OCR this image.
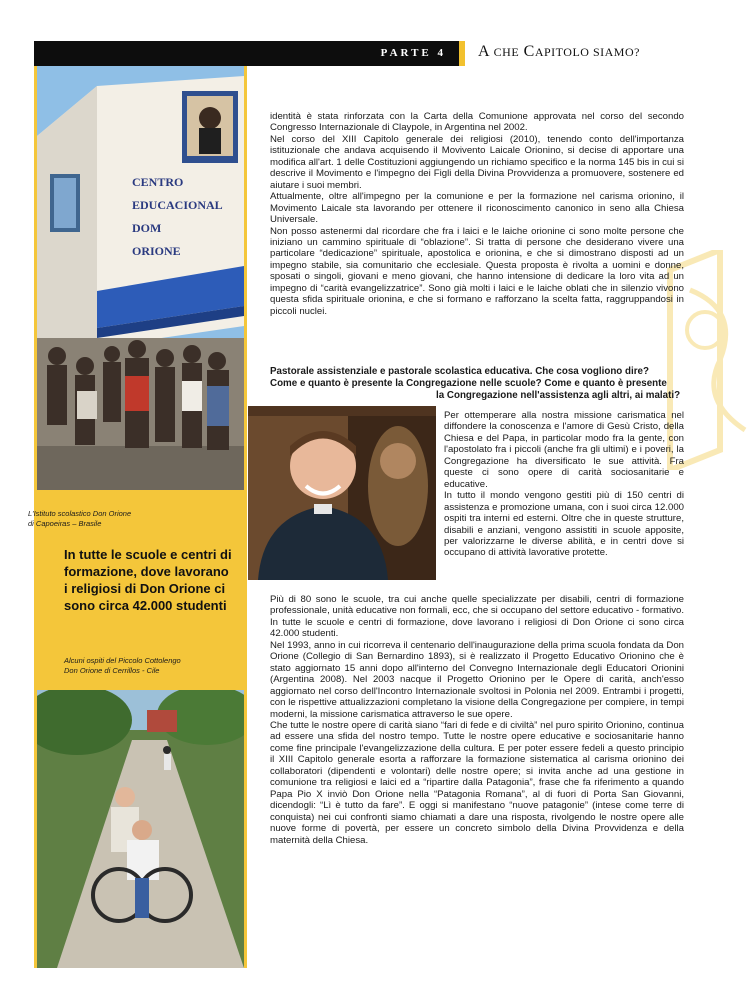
PARTE 4 A CHE CAPITOLO SIAMO?
CENTRO
EDUCACIONAL
DOM
ORIONE
L'Istituto scolastico Don Orione
di Capoeiras – Brasile
In tutte le scuole e centri di formazione, dove lavorano i religiosi di Don Orione ci sono circa 42.000 studenti
Alcuni ospiti del Piccolo Cottolengo
Don Orione di Cerrillos - Cile

identità è stata rinforzata con la Carta della Comunione approvata nel corso del secondo Congresso Internazionale di Claypole, in Argentina nel 2002.

Nel corso del XIII Capitolo generale dei religiosi (2010), tenendo conto dell'importanza istituzionale che andava acquisendo il Movivento Laicale Orionino, si decise di apportare una modifica all'art. 1 delle Costituzioni aggiungendo un richiamo specifico e la norma 145 bis in cui si descrive il Movimento e l'impegno dei Figli della Divina Provvidenza a promuovere, sostenere ed aiutare i suoi membri.

Attualmente, oltre all'impegno per la comunione e per la formazione nel carisma orionino, il Movimento Laicale sta lavorando per ottenere il riconoscimento canonico in seno alla Chiesa Universale.

Non posso astenermi dal ricordare che fra i laici e le laiche orionine ci sono molte persone che iniziano un cammino spirituale di “oblazione”. Si tratta di persone che desiderano vivere una particolare “dedicazione” spirituale, apostolica e orionina, e che si dimostrano disposti ad un impegno stabile, sia comunitario che ecclesiale. Questa proposta è rivolta a uomini e donne, sposati o singoli, giovani e meno giovani, che hanno intensione di dedicare la loro vita ad un impegno di “carità evangelizzatrice”. Sono già molti i laici e le laiche oblati che in silenzio vivono questa sfida spirituale orionina, e che si formano e rafforzano la scelta fatta, raggruppandosi in piccoli nuclei.

Pastorale assistenziale e pastorale scolastica educativa. Che cosa vogliono dire?
Come e quanto è presente la Congregazione nelle scuole? Come e quanto è presente
la Congregazione nell'assistenza agli altri, ai malati?

Per ottemperare alla nostra missione carismatica nel diffondere la conoscenza e l'amore di Gesù Cristo, della Chiesa e del Papa, in particolar modo fra la gente, con l'apostolato fra i piccoli (anche fra gli ultimi) e i poveri, la Congregazione ha diversificato le sue attività. Fra queste ci sono opere di carità sociosanitarie e educative.

In tutto il mondo vengono gestiti più di 150 centri di assistenza e promozione umana, con i suoi circa 12.000 ospiti tra interni ed esterni. Oltre che in queste strutture, disabili e anziani, vengono assistiti in scuole apposite, per valorizzarne le diverse abilità, e in centri dove si occupano di attività lavorative protette.

Più di 80 sono le scuole, tra cui anche quelle specializzate per disabili, centri di formazione professionale, unità educative non formali, ecc, che si occupano del settore educativo - formativo. In tutte le scuole e centri di formazione, dove lavorano i religiosi di Don Orione ci sono circa 42.000 studenti.

Nel 1993, anno in cui ricorreva il centenario dell'inaugurazione della prima scuola fondata da Don Orione (Collegio di San Bernardino 1893), si è realizzato il Progetto Educativo Orionino che è stato aggiornato 15 anni dopo all'interno del Convegno Internazionale degli Educatori Orionini (Argentina 2008). Nel 2003 nacque il Progetto Orionino per le Opere di carità, anch'esso aggiornato nel corso dell'Incontro Internazionale svoltosi in Polonia nel 2009. Entrambi i progetti, con le rispettive attualizzazioni completano la visione della Congregazione per compiere, in tempi moderni, la missione carismatica attraverso le sue opere.

Che tutte le nostre opere di carità siano “fari di fede e di civiltà” nel puro spirito Orionino, continua ad essere una sfida del nostro tempo. Tutte le nostre opere educative e sociosanitarie hanno come fine principale l'evangelizzazione della cultura. E per poter essere fedeli a questo principio il XIII Capitolo generale esorta a rafforzare la formazione sistematica al carisma orionino dei collaboratori (dipendenti e volontari) delle nostre opere; si invita anche ad una gestione in comunione tra religiosi e laici ed a “ripartire dalla Patagonia”, frase che fa riferimento a quando Papa Pio X inviò Don Orione nella “Patagonia Romana”, al di fuori di Porta San Giovanni, dicendogli: “Lì è tutto da fare”. E oggi si manifestano “nuove patagonie” (intese come terre di conquista) nei cui confronti siamo chiamati a dare una risposta, rivolgendo le nostre opere alle nuove forme di povertà, per essere un concreto simbolo della Divina Provvidenza e della maternità della Chiesa.
